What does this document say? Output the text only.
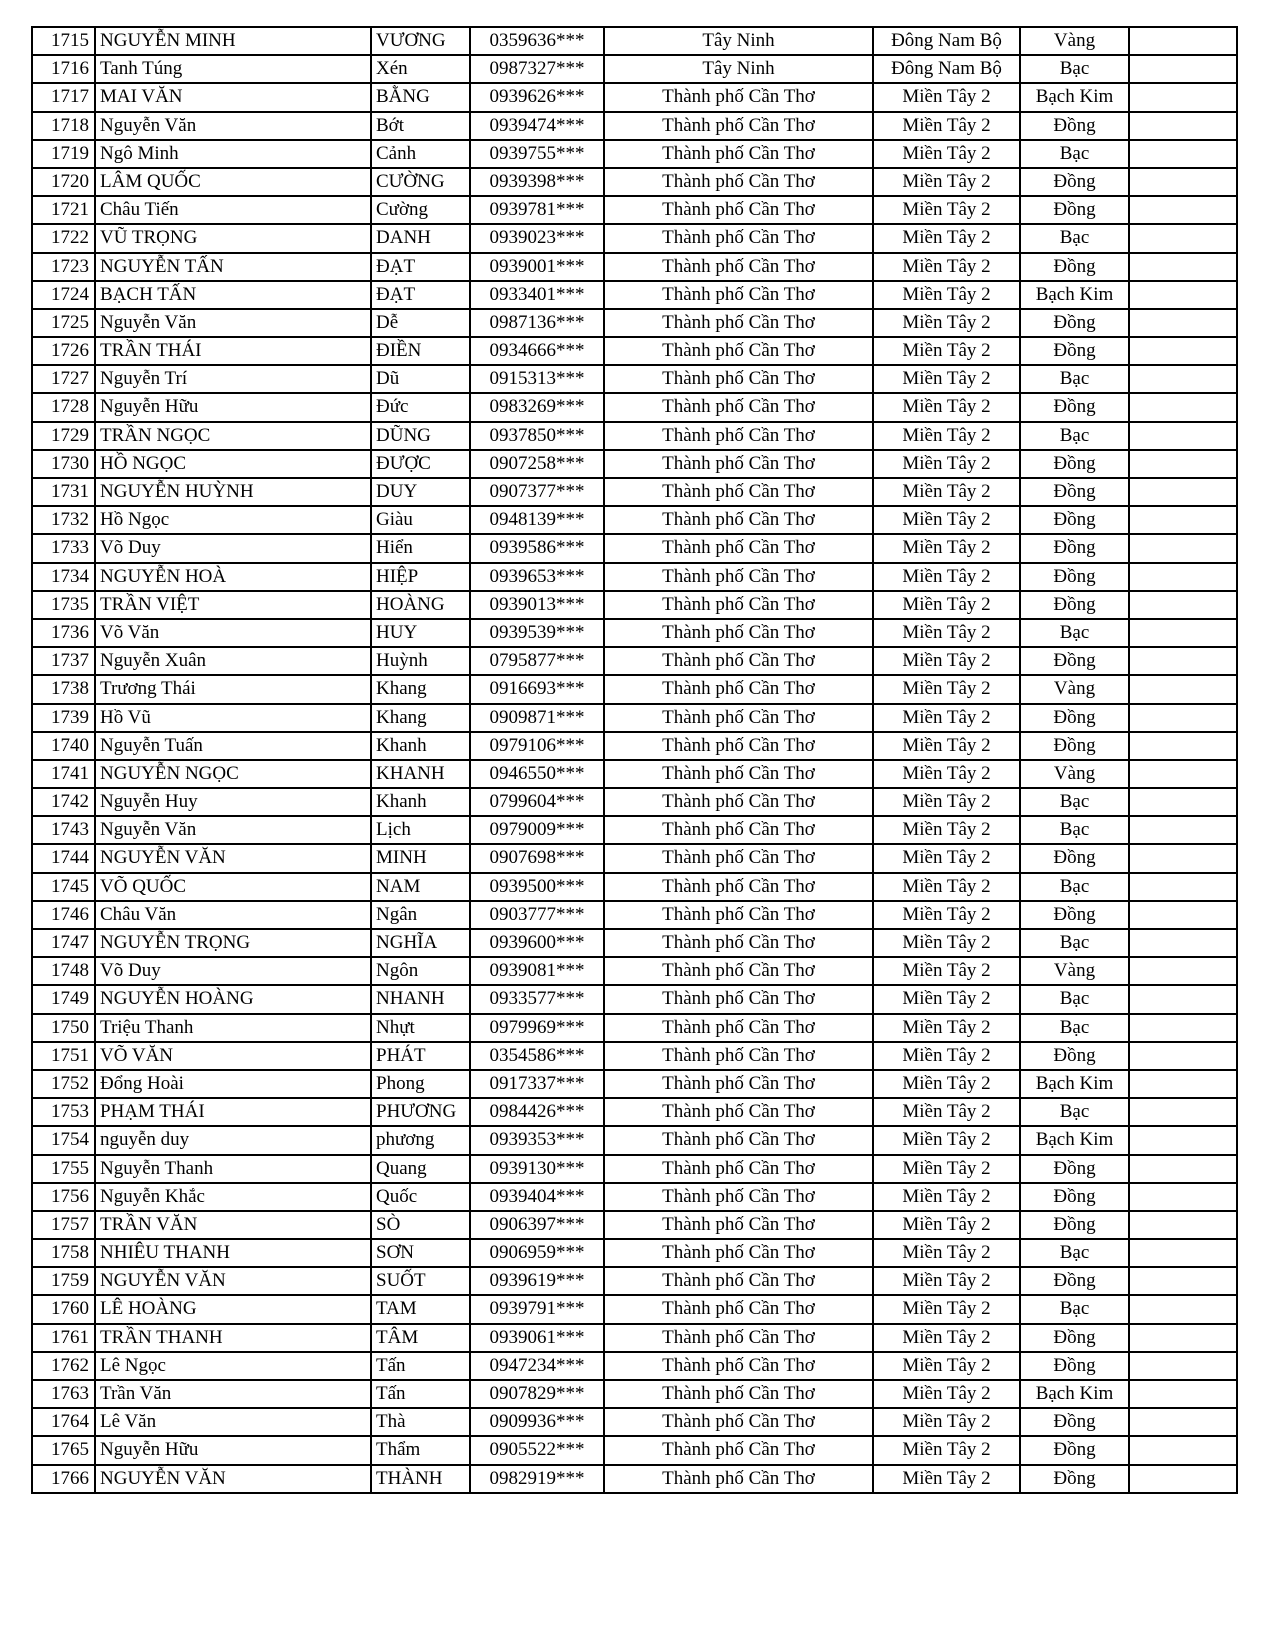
1715 NGUYỄN MINH	VƯƠNG	0359636***	Tây Ninh	Đông Nam Bộ	Vàng
1716 Tanh Túng	Xén	0987327***	Tây Ninh	Đông Nam Bộ	Bạc
1717 MAI VĂN	BẰNG	0939626***	Thành phố Cần Thơ	Miền Tây 2	Bạch Kim
1718 Nguyễn Văn	Bớt	0939474***	Thành phố Cần Thơ	Miền Tây 2	Đồng
1719 Ngô Minh	Cảnh	0939755***	Thành phố Cần Thơ	Miền Tây 2	Bạc
1720 LÂM QUỐC	CƯỜNG	0939398***	Thành phố Cần Thơ	Miền Tây 2	Đồng
1721 Châu Tiến	Cường	0939781***	Thành phố Cần Thơ	Miền Tây 2	Đồng
1722 VŨ TRỌNG	DANH	0939023***	Thành phố Cần Thơ	Miền Tây 2	Bạc
1723 NGUYỄN TẤN	ĐẠT	0939001***	Thành phố Cần Thơ	Miền Tây 2	Đồng
1724 BẠCH TẤN	ĐẠT	0933401***	Thành phố Cần Thơ	Miền Tây 2	Bạch Kim
1725 Nguyễn Văn	Dễ	0987136***	Thành phố Cần Thơ	Miền Tây 2	Đồng
1726 TRẦN THÁI	ĐIỀN	0934666***	Thành phố Cần Thơ	Miền Tây 2	Đồng
1727 Nguyễn Trí	Dũ	0915313***	Thành phố Cần Thơ	Miền Tây 2	Bạc
1728 Nguyễn Hữu	Đức	0983269***	Thành phố Cần Thơ	Miền Tây 2	Đồng
1729 TRẦN NGỌC	DŨNG	0937850***	Thành phố Cần Thơ	Miền Tây 2	Bạc
1730 HỒ NGỌC	ĐƯỢC	0907258***	Thành phố Cần Thơ	Miền Tây 2	Đồng
1731 NGUYỄN HUỲNH	DUY	0907377***	Thành phố Cần Thơ	Miền Tây 2	Đồng
1732 Hồ Ngọc	Giàu	0948139***	Thành phố Cần Thơ	Miền Tây 2	Đồng
1733 Võ Duy	Hiển	0939586***	Thành phố Cần Thơ	Miền Tây 2	Đồng
1734 NGUYỄN HOÀ	HIỆP	0939653***	Thành phố Cần Thơ	Miền Tây 2	Đồng
1735 TRẦN VIỆT	HOÀNG	0939013***	Thành phố Cần Thơ	Miền Tây 2	Đồng
1736 Võ Văn	HUY	0939539***	Thành phố Cần Thơ	Miền Tây 2	Bạc
1737 Nguyễn Xuân	Huỳnh	0795877***	Thành phố Cần Thơ	Miền Tây 2	Đồng
1738 Trương Thái	Khang	0916693***	Thành phố Cần Thơ	Miền Tây 2	Vàng
1739 Hồ Vũ	Khang	0909871***	Thành phố Cần Thơ	Miền Tây 2	Đồng
1740 Nguyễn Tuấn	Khanh	0979106***	Thành phố Cần Thơ	Miền Tây 2	Đồng
1741 NGUYỄN NGỌC	KHANH	0946550***	Thành phố Cần Thơ	Miền Tây 2	Vàng
1742 Nguyễn Huy	Khanh	0799604***	Thành phố Cần Thơ	Miền Tây 2	Bạc
1743 Nguyễn Văn	Lịch	0979009***	Thành phố Cần Thơ	Miền Tây 2	Bạc
1744 NGUYỄN VĂN	MINH	0907698***	Thành phố Cần Thơ	Miền Tây 2	Đồng
1745 VÕ QUỐC	NAM	0939500***	Thành phố Cần Thơ	Miền Tây 2	Bạc
1746 Châu Văn	Ngân	0903777***	Thành phố Cần Thơ	Miền Tây 2	Đồng
1747 NGUYỄN TRỌNG	NGHĨA	0939600***	Thành phố Cần Thơ	Miền Tây 2	Bạc
1748 Võ Duy	Ngôn	0939081***	Thành phố Cần Thơ	Miền Tây 2	Vàng
1749 NGUYỄN HOÀNG	NHANH	0933577***	Thành phố Cần Thơ	Miền Tây 2	Bạc
1750 Triệu Thanh	Nhựt	0979969***	Thành phố Cần Thơ	Miền Tây 2	Bạc
1751 VÕ VĂN	PHÁT	0354586***	Thành phố Cần Thơ	Miền Tây 2	Đồng
1752 Đổng Hoài	Phong	0917337***	Thành phố Cần Thơ	Miền Tây 2	Bạch Kim
1753 PHẠM THÁI	PHƯƠNG	0984426***	Thành phố Cần Thơ	Miền Tây 2	Bạc
1754 nguyễn duy	phương	0939353***	Thành phố Cần Thơ	Miền Tây 2	Bạch Kim
1755 Nguyễn Thanh	Quang	0939130***	Thành phố Cần Thơ	Miền Tây 2	Đồng
1756 Nguyễn Khắc	Quốc	0939404***	Thành phố Cần Thơ	Miền Tây 2	Đồng
1757 TRẦN VĂN	SÒ	0906397***	Thành phố Cần Thơ	Miền Tây 2	Đồng
1758 NHIÊU THANH	SƠN	0906959***	Thành phố Cần Thơ	Miền Tây 2	Bạc
1759 NGUYỄN VĂN	SUỐT	0939619***	Thành phố Cần Thơ	Miền Tây 2	Đồng
1760 LÊ HOÀNG	TAM	0939791***	Thành phố Cần Thơ	Miền Tây 2	Bạc
1761 TRẦN THANH	TÂM	0939061***	Thành phố Cần Thơ	Miền Tây 2	Đồng
1762 Lê Ngọc	Tấn	0947234***	Thành phố Cần Thơ	Miền Tây 2	Đồng
1763 Trần Văn	Tấn	0907829***	Thành phố Cần Thơ	Miền Tây 2	Bạch Kim
1764 Lê Văn	Thà	0909936***	Thành phố Cần Thơ	Miền Tây 2	Đồng
1765 Nguyễn Hữu	Thẩm	0905522***	Thành phố Cần Thơ	Miền Tây 2	Đồng
1766 NGUYỄN VĂN	THÀNH	0982919***	Thành phố Cần Thơ	Miền Tây 2	Đồng
